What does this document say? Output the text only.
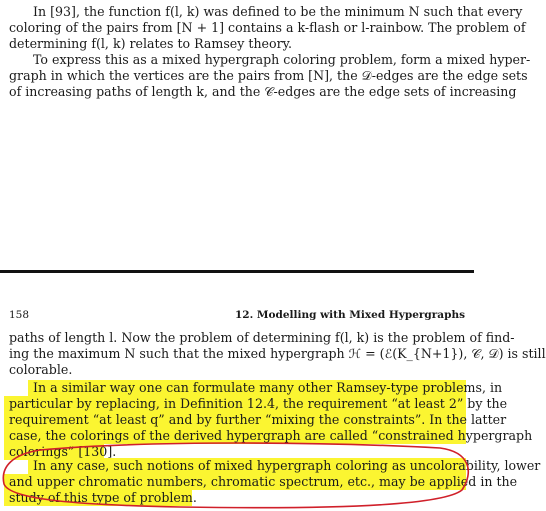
In [93], the function f(l, k) was defined to be the minimum N such that every
coloring of the pairs from [N + 1] contains a k-flash or l-rainbow. The problem of
determining f(l, k) relates to Ramsey theory.
To express this as a mixed hypergraph coloring problem, form a mixed hyper-
graph in which the vertices are the pairs from [N], the 𝒟-edges are the edge sets
of increasing paths of length k, and the 𝒞-edges are the edge sets of increasing
158	12. Modelling with Mixed Hypergraphs
paths of length l. Now the problem of determining f(l, k) is the problem of find-
ing the maximum N such that the mixed hypergraph ℋ = (ℰ(K_{N+1}), 𝒞, 𝒟) is still
colorable.
In a similar way one can formulate many other Ramsey-type problems, in
particular by replacing, in Definition 12.4, the requirement “at least 2” by the
requirement “at least q” and by further “mixing the constraints”. In the latter
case, the colorings of the derived hypergraph are called “constrained hypergraph
colorings” [130].
In any case, such notions of mixed hypergraph coloring as uncolorability, lower
and upper chromatic numbers, chromatic spectrum, etc., may be applied in the
study of this type of problem.
